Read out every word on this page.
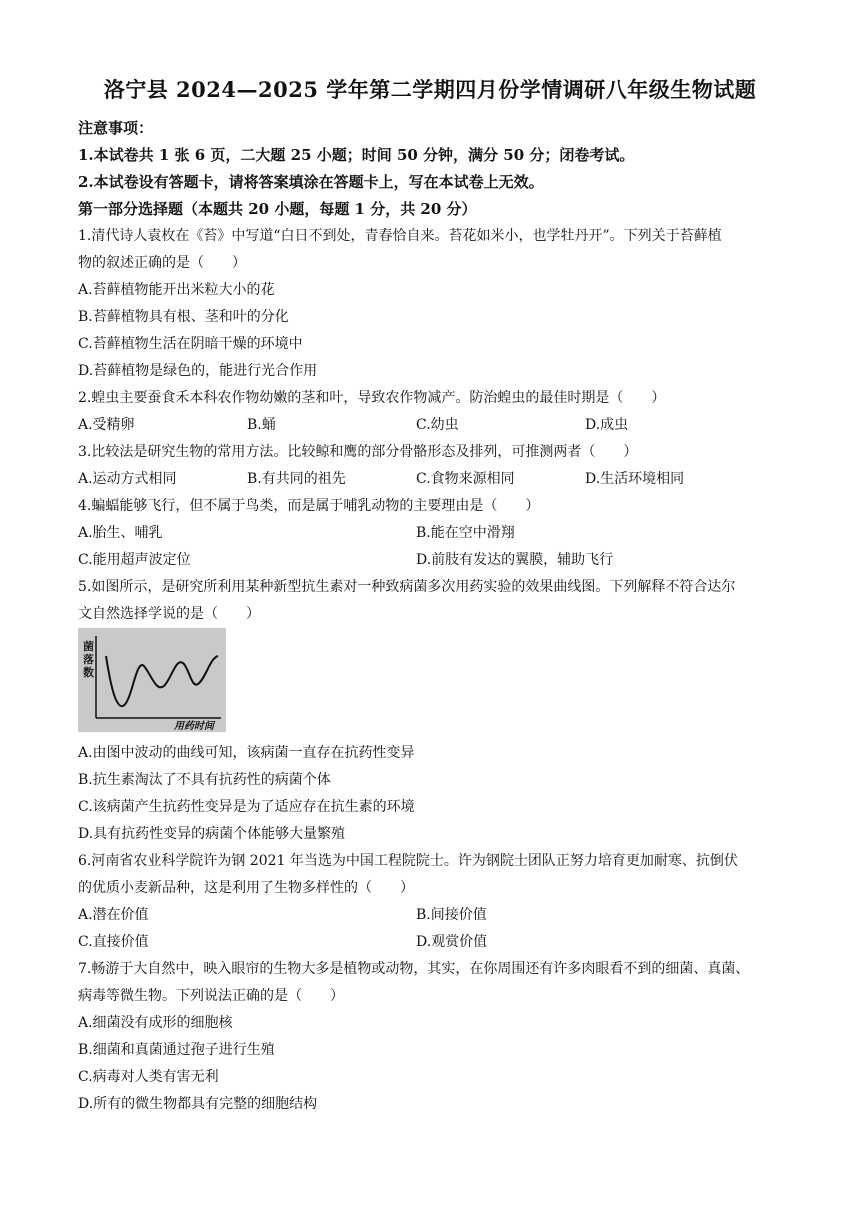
洛宁县 2024—2025 学年第二学期四月份学情调研八年级生物试题
注意事项：
1.本试卷共 1 张 6 页，二大题 25 小题；时间 50 分钟，满分 50 分；闭卷考试。
2.本试卷设有答题卡，请将答案填涂在答题卡上，写在本试卷上无效。
第一部分选择题（本题共 20 小题，每题 1 分，共 20 分）
1.清代诗人袁枚在《苔》中写道“白日不到处，青春恰自来。苔花如米小，也学牡丹开”。下列关于苔藓植
物的叙述正确的是（　　）
A.苔藓植物能开出米粒大小的花
B.苔藓植物具有根、茎和叶的分化
C.苔藓植物生活在阴暗干燥的环境中
D.苔藓植物是绿色的，能进行光合作用
2.蝗虫主要蚕食禾本科农作物幼嫩的茎和叶，导致农作物减产。防治蝗虫的最佳时期是（　　）
A.受精卵	B.蛹	C.幼虫	D.成虫
3.比较法是研究生物的常用方法。比较鲸和鹰的部分骨骼形态及排列，可推测两者（　　）
A.运动方式相同	B.有共同的祖先	C.食物来源相同	D.生活环境相同
4.蝙蝠能够飞行，但不属于鸟类，而是属于哺乳动物的主要理由是（　　）
A.胎生、哺乳	B.能在空中滑翔
C.能用超声波定位	D.前肢有发达的翼膜，辅助飞行
5.如图所示，是研究所利用某种新型抗生素对一种致病菌多次用药实验的效果曲线图。下列解释不符合达尔
文自然选择学说的是（　　）
菌
落
数
用药时间
A.由图中波动的曲线可知，该病菌一直存在抗药性变异
B.抗生素淘汰了不具有抗药性的病菌个体
C.该病菌产生抗药性变异是为了适应存在抗生素的环境
D.具有抗药性变异的病菌个体能够大量繁殖
6.河南省农业科学院许为钢 2021 年当选为中国工程院院士。许为钢院士团队正努力培育更加耐寒、抗倒伏
的优质小麦新品种，这是利用了生物多样性的（　　）
A.潜在价值	B.间接价值
C.直接价值	D.观赏价值
7.畅游于大自然中，映入眼帘的生物大多是植物或动物，其实，在你周围还有许多肉眼看不到的细菌、真菌、
病毒等微生物。下列说法正确的是（　　）
A.细菌没有成形的细胞核
B.细菌和真菌通过孢子进行生殖
C.病毒对人类有害无利
D.所有的微生物都具有完整的细胞结构
